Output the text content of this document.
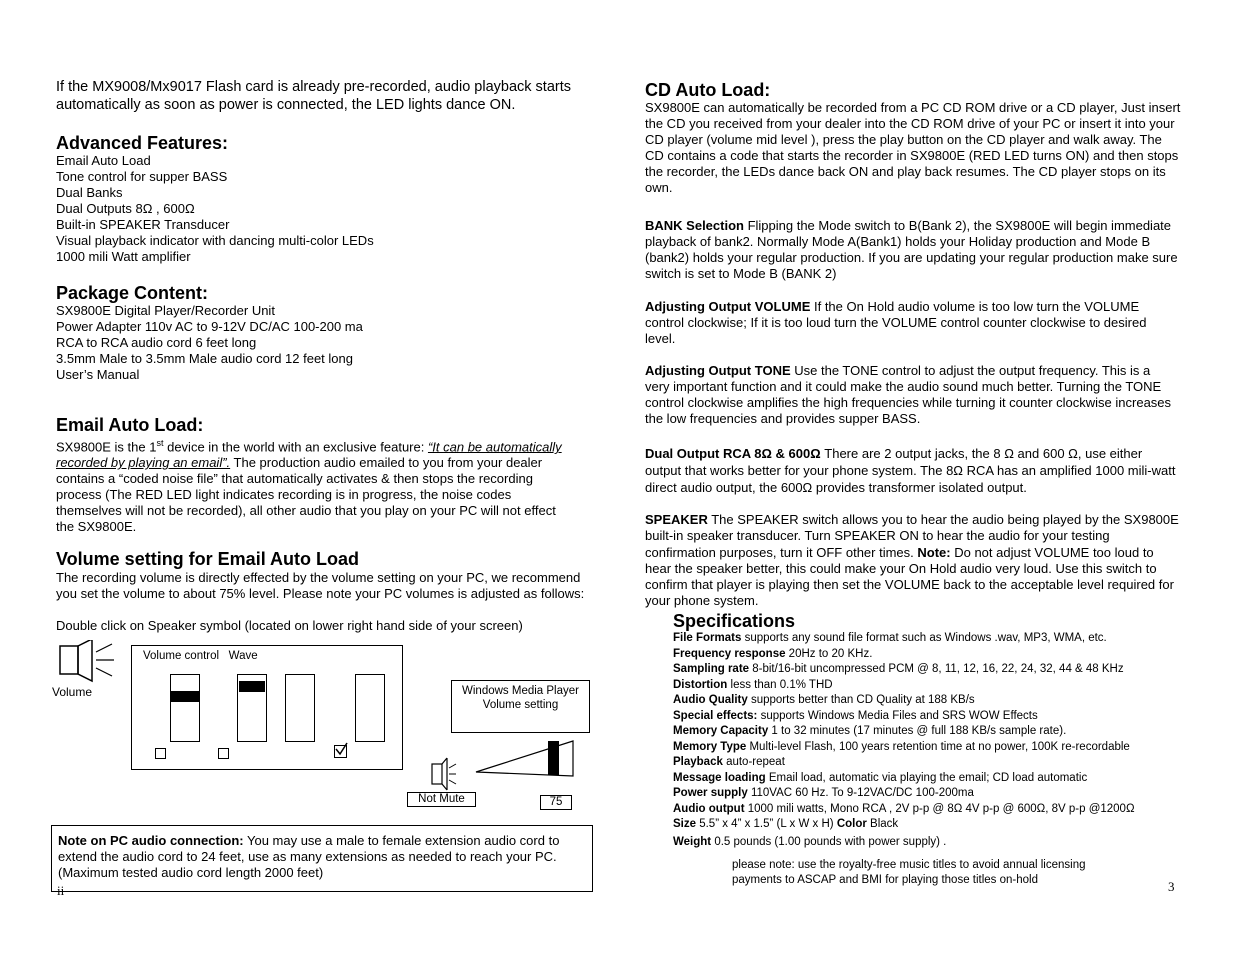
If the MX9008/Mx9017 Flash card is already pre-recorded, audio playback starts automatically as soon as power is connected, the LED lights dance ON.
Advanced Features:
Email Auto Load
Tone control for supper BASS
Dual Banks
Dual Outputs 8Ω , 600Ω
Built-in SPEAKER Transducer
Visual playback indicator with dancing multi-color LEDs
1000 mili Watt amplifier
Package Content:
SX9800E Digital Player/Recorder Unit
Power Adapter 110v AC to 9-12V DC/AC 100-200 ma
RCA to RCA audio cord 6 feet long
3.5mm Male to 3.5mm Male audio cord 12 feet long
User’s Manual
Email Auto Load:
SX9800E is the 1st device in the world with an exclusive feature: “It can be automatically recorded by playing an email”. The production audio emailed to you from your dealer contains a “coded noise file” that automatically activates & then stops the recording process (The RED LED light indicates recording is in progress, the noise codes themselves will not be recorded), all other audio that you play on your PC will not effect the SX9800E.
Volume setting for Email Auto Load
The recording volume is directly effected by the volume setting on your PC, we recommend you set the volume to about 75% level. Please note your PC volumes is adjusted as follows:
Double click on Speaker symbol (located on lower right hand side of your screen)
Volume
Volume control   Wave
Windows Media Player
Volume setting
Not Mute	75
Note on PC audio connection: You may use a male to female extension audio cord to extend the audio cord to 24 feet, use as many extensions as needed to reach your PC. (Maximum tested audio cord length 2000 feet)
ii
CD Auto Load:
SX9800E can automatically be recorded from a PC CD ROM drive or a CD player, Just insert the CD you received from your dealer into the CD ROM drive of your PC or insert it into your CD player (volume mid level ), press the play button on the CD player and walk away. The CD contains a code that starts the recorder in SX9800E (RED LED turns ON) and then stops the recorder, the LEDs dance back ON and play back resumes. The CD player stops on its own.
BANK Selection Flipping the Mode switch to B(Bank 2), the SX9800E will begin immediate playback of bank2. Normally Mode A(Bank1) holds your Holiday production and Mode B (bank2) holds your regular production. If you are updating your regular production make sure switch is set to Mode B (BANK 2)
Adjusting Output VOLUME If the On Hold audio volume is too low turn the VOLUME control clockwise; If it is too loud turn the VOLUME control counter clockwise to desired level.
Adjusting Output TONE Use the TONE control to adjust the output frequency. This is a very important function and it could make the audio sound much better. Turning the TONE control clockwise amplifies the high frequencies while turning it counter clockwise increases the low frequencies and provides supper BASS.
Dual Output RCA 8Ω & 600Ω There are 2 output jacks, the 8 Ω and 600 Ω, use either output that works better for your phone system. The 8Ω RCA has an amplified 1000 mili-watt direct audio output, the 600Ω provides transformer isolated output.
SPEAKER The SPEAKER switch allows you to hear the audio being played by the SX9800E built-in speaker transducer. Turn SPEAKER ON to hear the audio for your testing confirmation purposes, turn it OFF other times. Note: Do not adjust VOLUME too loud to hear the speaker better, this could make your On Hold audio very loud. Use this switch to confirm that player is playing then set the VOLUME back to the acceptable level required for your phone system.
Specifications
File Formats supports any sound file format such as Windows .wav, MP3, WMA, etc.
Frequency response 20Hz to 20 KHz.
Sampling rate 8-bit/16-bit uncompressed PCM @ 8, 11, 12, 16, 22, 24, 32, 44 & 48 KHz
Distortion less than 0.1% THD
Audio Quality supports better than CD Quality at 188 KB/s
Special effects: supports Windows Media Files and SRS WOW Effects
Memory Capacity 1 to 32 minutes (17 minutes @ full 188 KB/s sample rate).
Memory Type Multi-level Flash, 100 years retention time at no power, 100K re-recordable
Playback auto-repeat
Message loading Email load, automatic via playing the email; CD load automatic
Power supply 110VAC 60 Hz. To 9-12VAC/DC 100-200ma
Audio output 1000 mili watts, Mono RCA , 2V p-p @ 8Ω 4V p-p @ 600Ω, 8V p-p @1200Ω
Size 5.5” x 4” x 1.5” (L x W x H) Color Black
Weight 0.5 pounds (1.00 pounds with power supply) .
please note: use the royalty-free music titles to avoid annual licensing
payments to ASCAP and BMI for playing those titles on-hold	3
